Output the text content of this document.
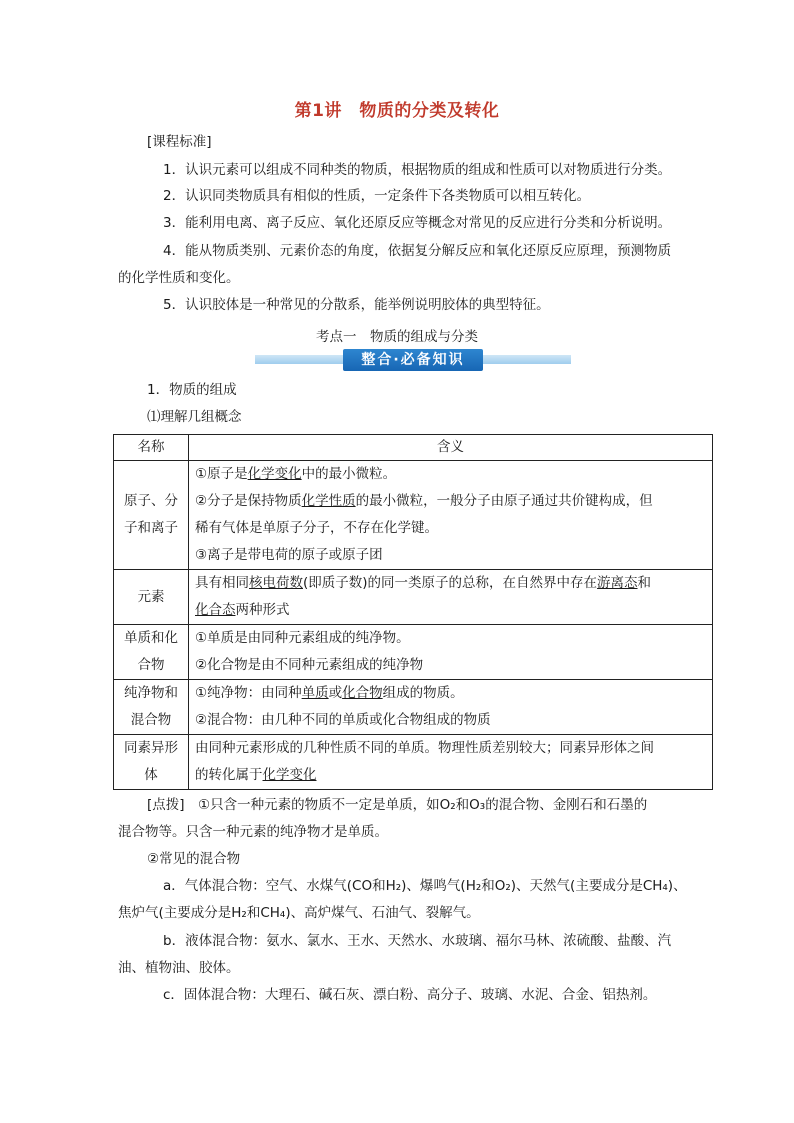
第1讲　物质的分类及转化
[课程标准]
1．认识元素可以组成不同种类的物质，根据物质的组成和性质可以对物质进行分类。
2．认识同类物质具有相似的性质，一定条件下各类物质可以相互转化。
3．能利用电离、离子反应、氧化还原反应等概念对常见的反应进行分类和分析说明。
4．能从物质类别、元素价态的角度，依据复分解反应和氧化还原反应原理，预测物质
的化学性质和变化。
5．认识胶体是一种常见的分散系，能举例说明胶体的典型特征。
考点一　物质的组成与分类
整合·必备知识
1．物质的组成
⑴理解几组概念
名称	含义
原子、分子和离子	①原子是化学变化中的最小微粒。
②分子是保持物质化学性质的最小微粒，一般分子由原子通过共价键构成，但
稀有气体是单原子分子，不存在化学键。
③离子是带电荷的原子或原子团

元素	具有相同核电荷数(即质子数)的同一类原子的总称，在自然界中存在游离态和
化合态两种形式

单质和化合物	①单质是由同种元素组成的纯净物。
②化合物是由不同种元素组成的纯净物

纯净物和混合物	①纯净物：由同种单质或化合物组成的物质。
②混合物：由几种不同的单质或化合物组成的物质

同素异形体	由同种元素形成的几种性质不同的单质。物理性质差别较大；同素异形体之间
的转化属于化学变化
[点拨]　①只含一种元素的物质不一定是单质，如O₂和O₃的混合物、金刚石和石墨的
混合物等。只含一种元素的纯净物才是单质。
②常见的混合物
a．气体混合物：空气、水煤气(CO和H₂)、爆鸣气(H₂和O₂)、天然气(主要成分是CH₄)、
焦炉气(主要成分是H₂和CH₄)、高炉煤气、石油气、裂解气。
b．液体混合物：氨水、氯水、王水、天然水、水玻璃、福尔马林、浓硫酸、盐酸、汽
油、植物油、胶体。
c．固体混合物：大理石、碱石灰、漂白粉、高分子、玻璃、水泥、合金、铝热剂。
